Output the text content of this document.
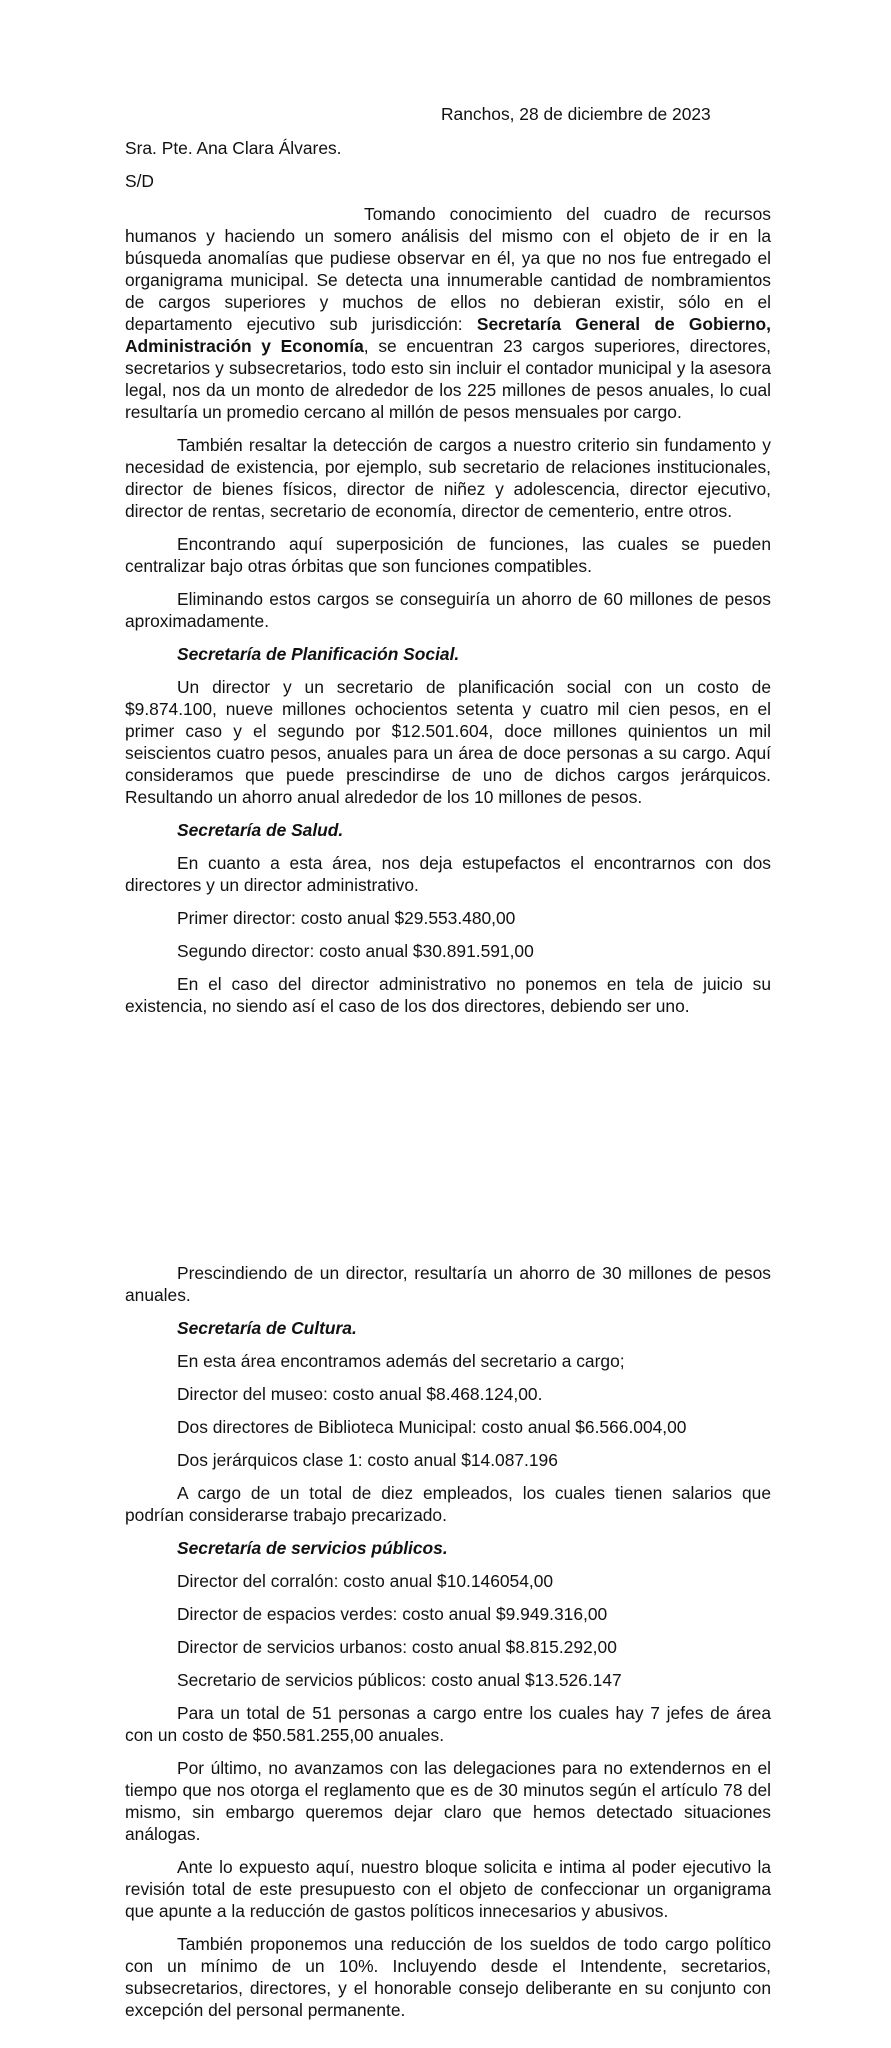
Ranchos, 28 de diciembre de 2023
Sra. Pte. Ana Clara Álvares.
S/D

Tomando conocimiento del cuadro de recursos humanos y haciendo un somero análisis del mismo con el objeto de ir en la búsqueda anomalías que pudiese observar en él, ya que no nos fue entregado el organigrama municipal. Se detecta una innumerable cantidad de nombramientos de cargos superiores y muchos de ellos no debieran existir, sólo en el departamento ejecutivo sub jurisdicción: Secretaría General de Gobierno, Administración y Economía, se encuentran 23 cargos superiores, directores, secretarios y subsecretarios, todo esto sin incluir el contador municipal y la asesora legal, nos da un monto de alrededor de los 225 millones de pesos anuales, lo cual resultaría un promedio cercano al millón de pesos mensuales por cargo.

También resaltar la detección de cargos a nuestro criterio sin fundamento y necesidad de existencia, por ejemplo, sub secretario de relaciones institucionales, director de bienes físicos, director de niñez y adolescencia, director ejecutivo, director de rentas, secretario de economía, director de cementerio, entre otros.

Encontrando aquí superposición de funciones, las cuales se pueden centralizar bajo otras órbitas que son funciones compatibles.

Eliminando estos cargos se conseguiría un ahorro de 60 millones de pesos aproximadamente.

Secretaría de Planificación Social.

Un director y un secretario de planificación social con un costo de $9.874.100, nueve millones ochocientos setenta y cuatro mil cien pesos, en el primer caso y el segundo por $12.501.604, doce millones quinientos un mil seiscientos cuatro pesos, anuales para un área de doce personas a su cargo. Aquí consideramos que puede prescindirse de uno de dichos cargos jerárquicos. Resultando un ahorro anual alrededor de los 10 millones de pesos.

Secretaría de Salud.

En cuanto a esta área, nos deja estupefactos el encontrarnos con dos directores y un director administrativo.

Primer director: costo anual $29.553.480,00

Segundo director: costo anual $30.891.591,00

En el caso del director administrativo no ponemos en tela de juicio su existencia, no siendo así el caso de los dos directores, debiendo ser uno.

Prescindiendo de un director, resultaría un ahorro de 30 millones de pesos anuales.

Secretaría de Cultura.

En esta área encontramos además del secretario a cargo;

Director del museo: costo anual $8.468.124,00.

Dos directores de Biblioteca Municipal: costo anual $6.566.004,00

Dos jerárquicos clase 1: costo anual $14.087.196

A cargo de un total de diez empleados, los cuales tienen salarios que podrían considerarse trabajo precarizado.

Secretaría de servicios públicos.

Director del corralón: costo anual $10.146054,00

Director de espacios verdes: costo anual $9.949.316,00

Director de servicios urbanos: costo anual $8.815.292,00

Secretario de servicios públicos: costo anual $13.526.147

Para un total de 51 personas a cargo entre los cuales hay 7 jefes de área con un costo de $50.581.255,00 anuales.

Por último, no avanzamos con las delegaciones para no extendernos en el tiempo que nos otorga el reglamento que es de 30 minutos según el artículo 78 del mismo, sin embargo queremos dejar claro que hemos detectado situaciones análogas.

Ante lo expuesto aquí, nuestro bloque solicita e intima al poder ejecutivo la revisión total de este presupuesto con el objeto de confeccionar un organigrama que apunte a la reducción de gastos políticos innecesarios y abusivos.

También proponemos una reducción de los sueldos de todo cargo político con un mínimo de un 10%. Incluyendo desde el Intendente, secretarios, subsecretarios, directores, y el honorable consejo deliberante en su conjunto con excepción del personal permanente.
